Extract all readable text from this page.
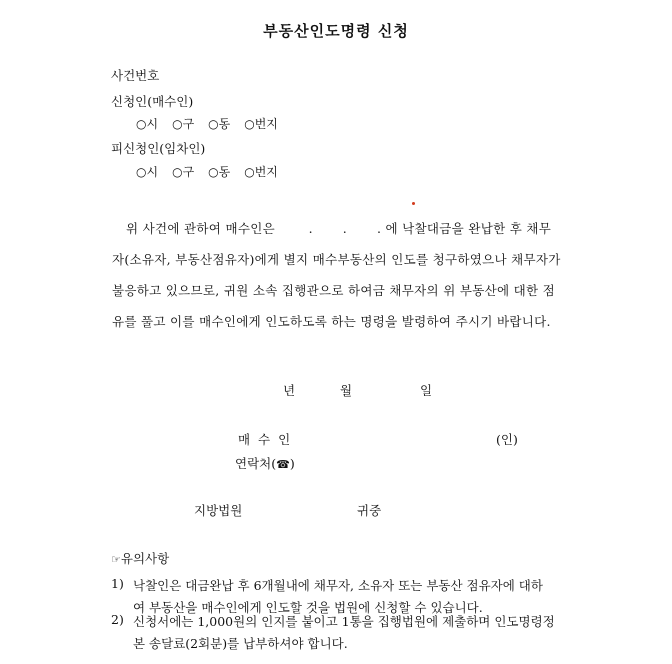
부동산인도명령 신청
사건번호
신청인(매수인)
○시 ○구 ○동 ○번지
피신청인(임차인)
○시 ○구 ○동 ○번지
위 사건에 관하여 매수인은	.       .       . 에 낙찰대금을 완납한 후 채무
자(소유자, 부동산점유자)에게 별지 매수부동산의 인도를 청구하였으나 채무자가
불응하고 있으므로, 귀원 소속 집행관으로 하여금 채무자의 위 부동산에 대한 점
유를 풀고 이를 매수인에게 인도하도록 하는 명령을 발령하여 주시기 바랍니다.
년	월	일
매 수 인	(인)
연락처(☎)
지방법원	귀중
☞유의사항
1) 낙찰인은 대금완납 후 6개월내에 채무자, 소유자 또는 부동산 점유자에 대하
여 부동산을 매수인에게 인도할 것을 법원에 신청할 수 있습니다.
2) 신청서에는 1,000원의 인지를 붙이고 1통을 집행법원에 제출하며 인도명령정
본 송달료(2회분)를 납부하셔야 합니다.
